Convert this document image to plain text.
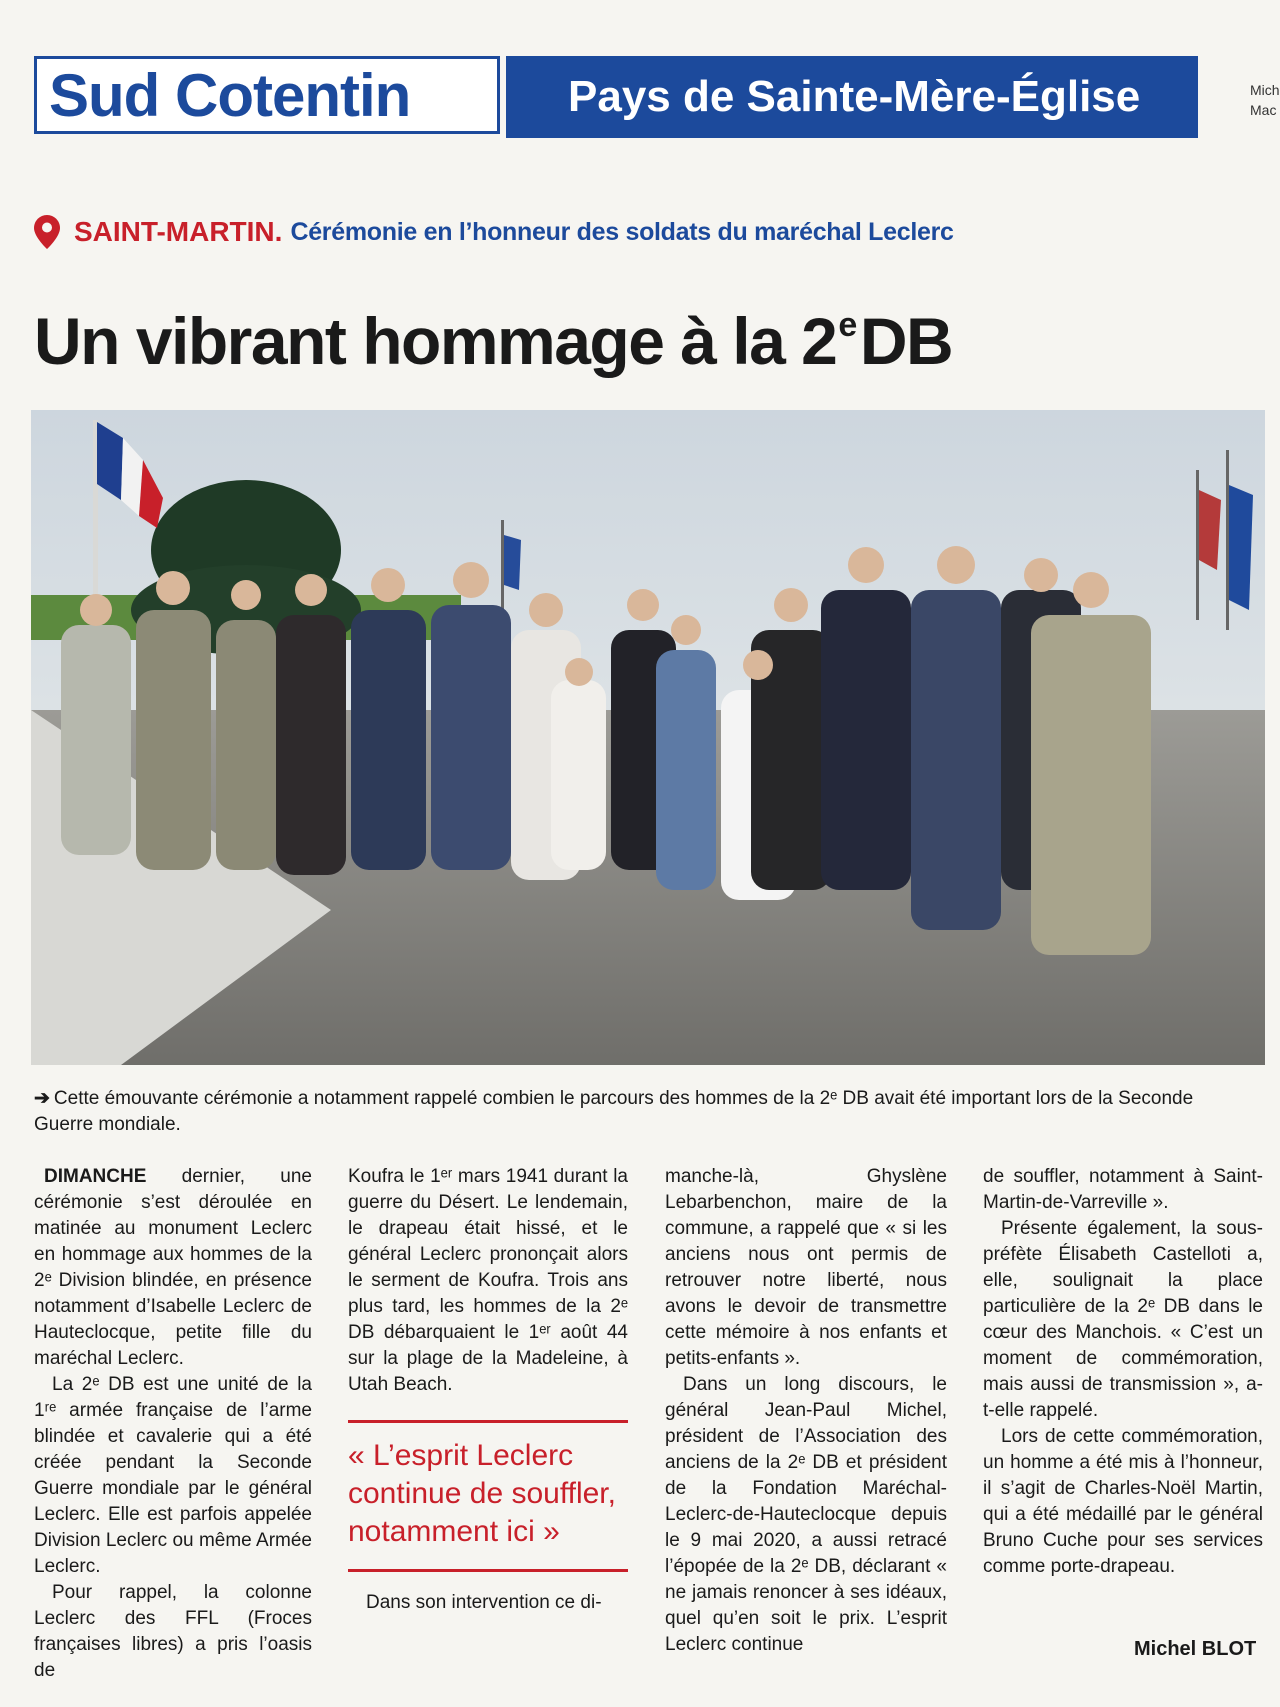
Sud Cotentin	Pays de Sainte-Mère-Église	Mich
Mac
SAINT-MARTIN. Cérémonie en l’honneur des soldats du maréchal Leclerc
Un vibrant hommage à la 2eDB
➔ Cette émouvante cérémonie a notamment rappelé combien le parcours des hommes de la 2ᵉ DB avait été important lors de la Seconde Guerre mondiale.

DIMANCHE dernier, une cérémonie s’est déroulée en matinée au monument Leclerc en hommage aux hommes de la 2ᵉ Division blindée, en présence notamment d’Isabelle Leclerc de Hauteclocque, petite fille du maréchal Leclerc.

La 2ᵉ DB est une unité de la 1ʳᵉ armée française de l’arme blindée et cavalerie qui a été créée pendant la Seconde Guerre mondiale par le général Leclerc. Elle est parfois appelée Division Leclerc ou même Armée Leclerc.

Pour rappel, la colonne Leclerc des FFL (Froces françaises libres) a pris l’oasis de

Koufra le 1ᵉʳ mars 1941 durant la guerre du Désert. Le lendemain, le drapeau était hissé, et le général Leclerc prononçait alors le serment de Koufra. Trois ans plus tard, les hommes de la 2ᵉ DB débarquaient le 1ᵉʳ août 44 sur la plage de la Madeleine, à Utah Beach.

« L’esprit Leclerc continue de souffler, notamment ici »

Dans son intervention ce di-

manche-là, Ghyslène Lebarbenchon, maire de la commune, a rappelé que « si les anciens nous ont permis de retrouver notre liberté, nous avons le devoir de transmettre cette mémoire à nos enfants et petits-enfants ».

Dans un long discours, le général Jean-Paul Michel, président de l’Association des anciens de la 2ᵉ DB et président de la Fondation Maréchal-Leclerc-de-Hauteclocque depuis le 9 mai 2020, a aussi retracé l’épopée de la 2ᵉ DB, déclarant « ne jamais renoncer à ses idéaux, quel qu’en soit le prix. L’esprit Leclerc continue

de souffler, notamment à Saint-Martin-de-Varreville ».

Présente également, la sous-préfète Élisabeth Castelloti a, elle, soulignait la place particulière de la 2ᵉ DB dans le cœur des Manchois. « C’est un moment de commémoration, mais aussi de transmission », a-t-elle rappelé.

Lors de cette commémoration, un homme a été mis à l’honneur, il s’agit de Charles-Noël Martin, qui a été médaillé par le général Bruno Cuche pour ses services comme porte-drapeau.

Michel BLOT
